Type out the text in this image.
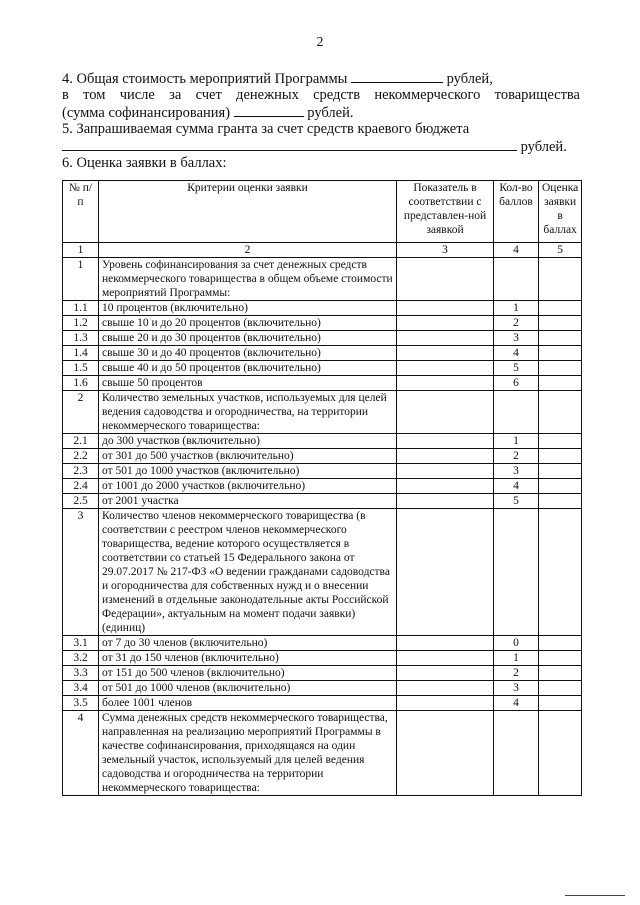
2
4. Общая стоимость мероприятий Программы	рублей,
в том числе за счет денежных средств некоммерческого товарищества
(сумма софинансирования)	рублей.
5. Запрашиваемая сумма гранта за счет средств краевого бюджета
рублей.
6. Оценка заявки в баллах:
№ п/п	Критерии оценки заявки	Показатель в соответствии с представлен-ной заявкой	Кол-во баллов	Оценка заявки в баллах
1	2	3	4	5
1	Уровень софинансирования за счет денежных средств некоммерческого товарищества в общем объеме стоимости мероприятий Программы:			
1.1	10 процентов (включительно)		1	
1.2	свыше 10 и до 20 процентов (включительно)		2	
1.3	свыше 20 и до 30 процентов (включительно)		3	
1.4	свыше 30 и до 40 процентов (включительно)		4	
1.5	свыше 40 и до 50 процентов (включительно)		5	
1.6	свыше 50 процентов		6	
2	Количество земельных участков, используемых для целей ведения садоводства и огородничества, на территории некоммерческого товарищества:			
2.1	до 300 участков (включительно)		1	
2.2	от 301 до 500 участков (включительно)		2	
2.3	от 501 до 1000 участков (включительно)		3	
2.4	от 1001 до 2000 участков (включительно)		4	
2.5	от 2001 участка		5	
3	Количество членов некоммерческого товарищества (в соответствии с реестром членов некоммерческого товарищества, ведение которого осуществляется в соответствии со статьей 15 Федерального закона от 29.07.2017 № 217-ФЗ «О ведении гражданами садоводства и огородничества для собственных нужд и о внесении изменений в отдельные законодательные акты Российской Федерации», актуальным на момент подачи заявки) (единиц)			
3.1	от 7 до 30 членов (включительно)		0	
3.2	от 31 до 150 членов (включительно)		1	
3.3	от 151 до 500 членов (включительно)		2	
3.4	от 501 до 1000 членов (включительно)		3	
3.5	более 1001 членов		4	
4	Сумма денежных средств некоммерческого товарищества, направленная на реализацию мероприятий Программы в качестве софинансирования, приходящаяся на один земельный участок, используемый для целей ведения садоводства и огородничества на территории некоммерческого товарищества:			
